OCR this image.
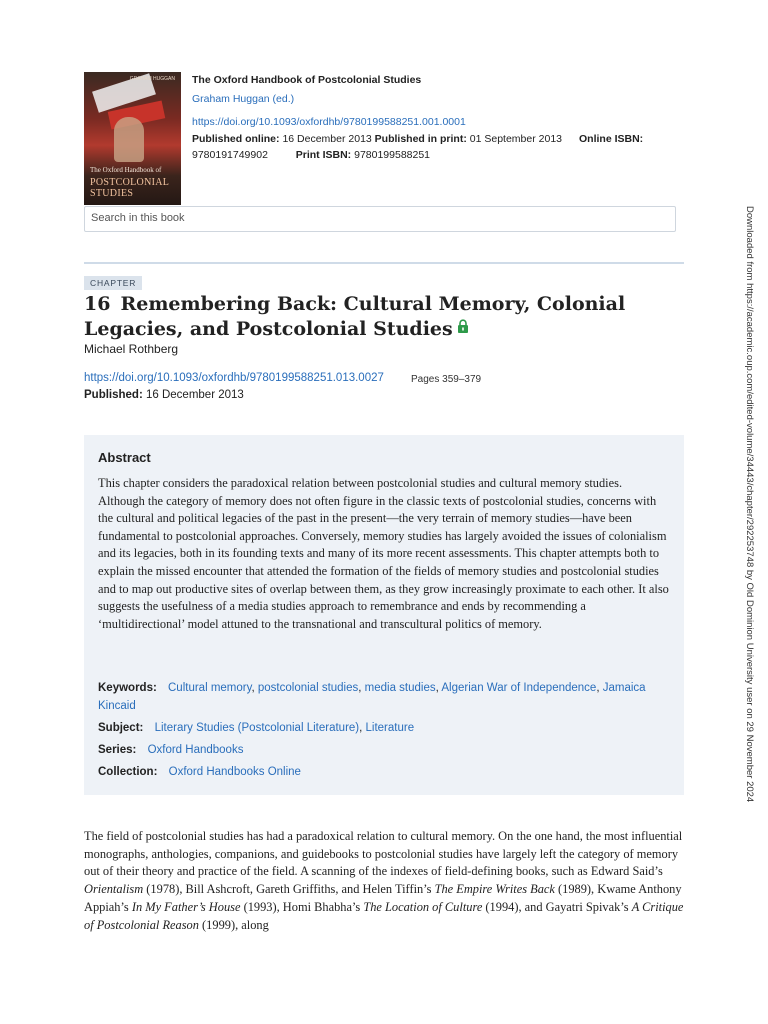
GRAHAM HUGGAN
The Oxford Handbook of
POSTCOLONIAL
STUDIES
The Oxford Handbook of Postcolonial Studies
Graham Huggan (ed.)
https://doi.org/10.1093/oxfordhb/9780199588251.001.0001
Published online: 16 December 2013 Published in print: 01 September 2013 Online ISBN:
9780191749902	Print ISBN: 9780199588251
Search in this book
CHAPTER
16 Remembering Back: Cultural Memory, Colonial Legacies, and Postcolonial Studies
Michael Rothberg
https://doi.org/10.1093/oxfordhb/9780199588251.013.0027	Pages 359–379
Published: 16 December 2013
Abstract

This chapter considers the paradoxical relation between postcolonial studies and cultural memory studies. Although the category of memory does not often figure in the classic texts of postcolonial studies, concerns with the cultural and political legacies of the past in the present—the very terrain of memory studies—have been fundamental to postcolonial approaches. Conversely, memory studies has largely avoided the issues of colonialism and its legacies, both in its founding texts and many of its more recent assessments. This chapter attempts both to explain the missed encounter that attended the formation of the fields of memory studies and postcolonial studies and to map out productive sites of overlap between them, as they grow increasingly proximate to each other. It also suggests the usefulness of a media studies approach to remembrance and ends by recommending a ‘multidirectional’ model attuned to the transnational and transcultural politics of memory.

Keywords: Cultural memory, postcolonial studies, media studies, Algerian War of Independence, Jamaica Kincaid
Subject: Literary Studies (Postcolonial Literature), Literature
Series: Oxford Handbooks
Collection: Oxford Handbooks Online

The field of postcolonial studies has had a paradoxical relation to cultural memory. On the one hand, the most influential monographs, anthologies, companions, and guidebooks to postcolonial studies have largely left the category of memory out of their theory and practice of the field. A scanning of the indexes of field-defining books, such as Edward Said’s Orientalism (1978), Bill Ashcroft, Gareth Griffiths, and Helen Tiffin’s The Empire Writes Back (1989), Kwame Anthony Appiah’s In My Father’s House (1993), Homi Bhabha’s The Location of Culture (1994), and Gayatri Spivak’s A Critique of Postcolonial Reason (1999), along

Downloaded from https://academic.oup.com/edited-volume/34443/chapter/292253748 by Old Dominion University user on 29 November 2024
